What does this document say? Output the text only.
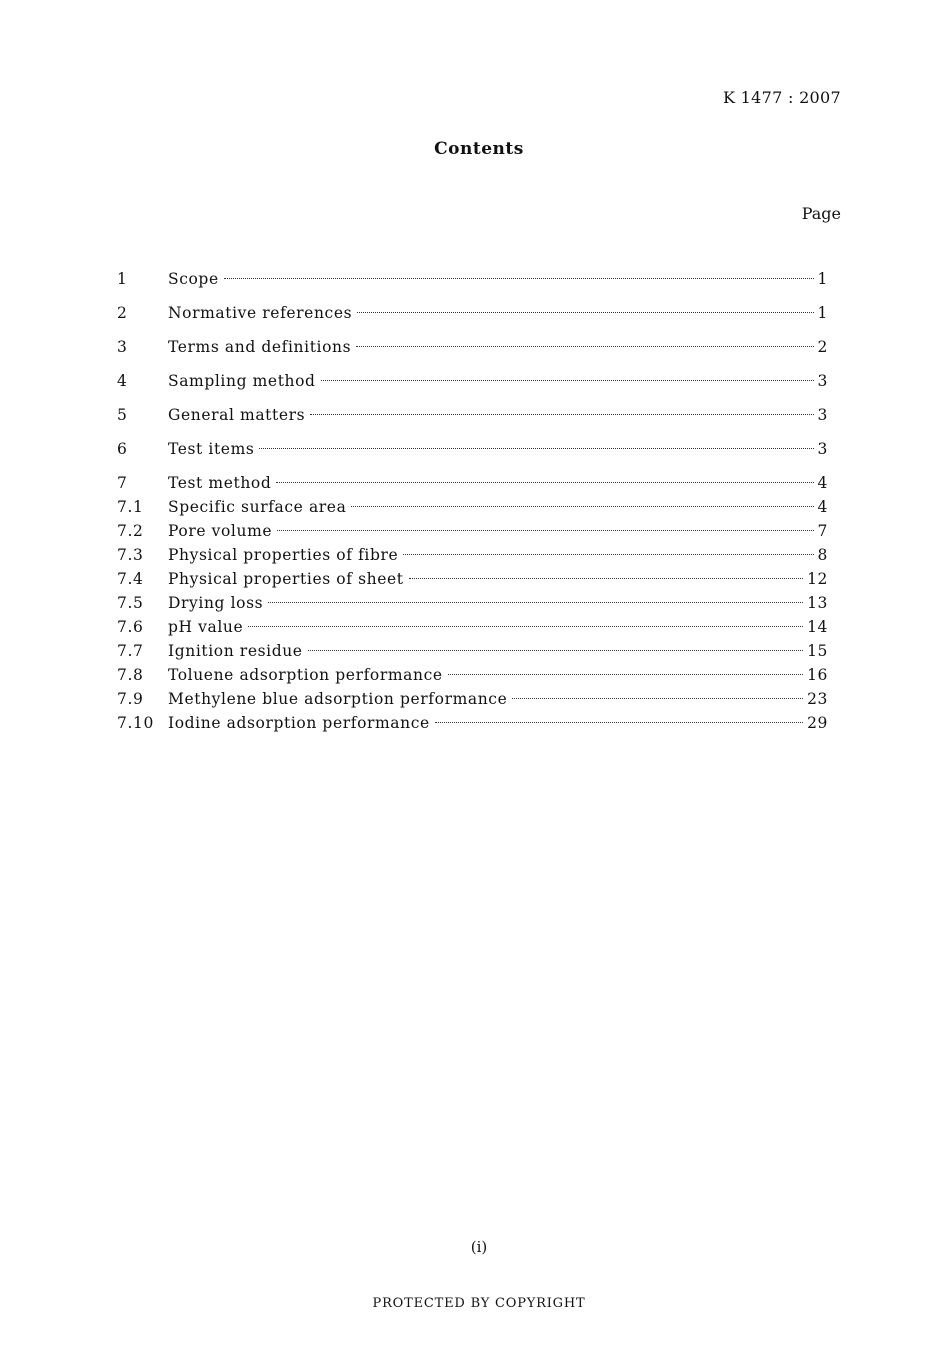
K 1477 : 2007
Contents
Page
1	Scope	1
2	Normative references	1
3	Terms and definitions	2
4	Sampling method	3
5	General matters	3
6	Test items	3
7	Test method	4
7.1	Specific surface area	4
7.2	Pore volume	7
7.3	Physical properties of fibre	8
7.4	Physical properties of sheet	12
7.5	Drying loss	13
7.6	pH value	14
7.7	Ignition residue	15
7.8	Toluene adsorption performance	16
7.9	Methylene blue adsorption performance	23
7.10 Iodine adsorption performance	29
(i)
PROTECTED BY COPYRIGHT
